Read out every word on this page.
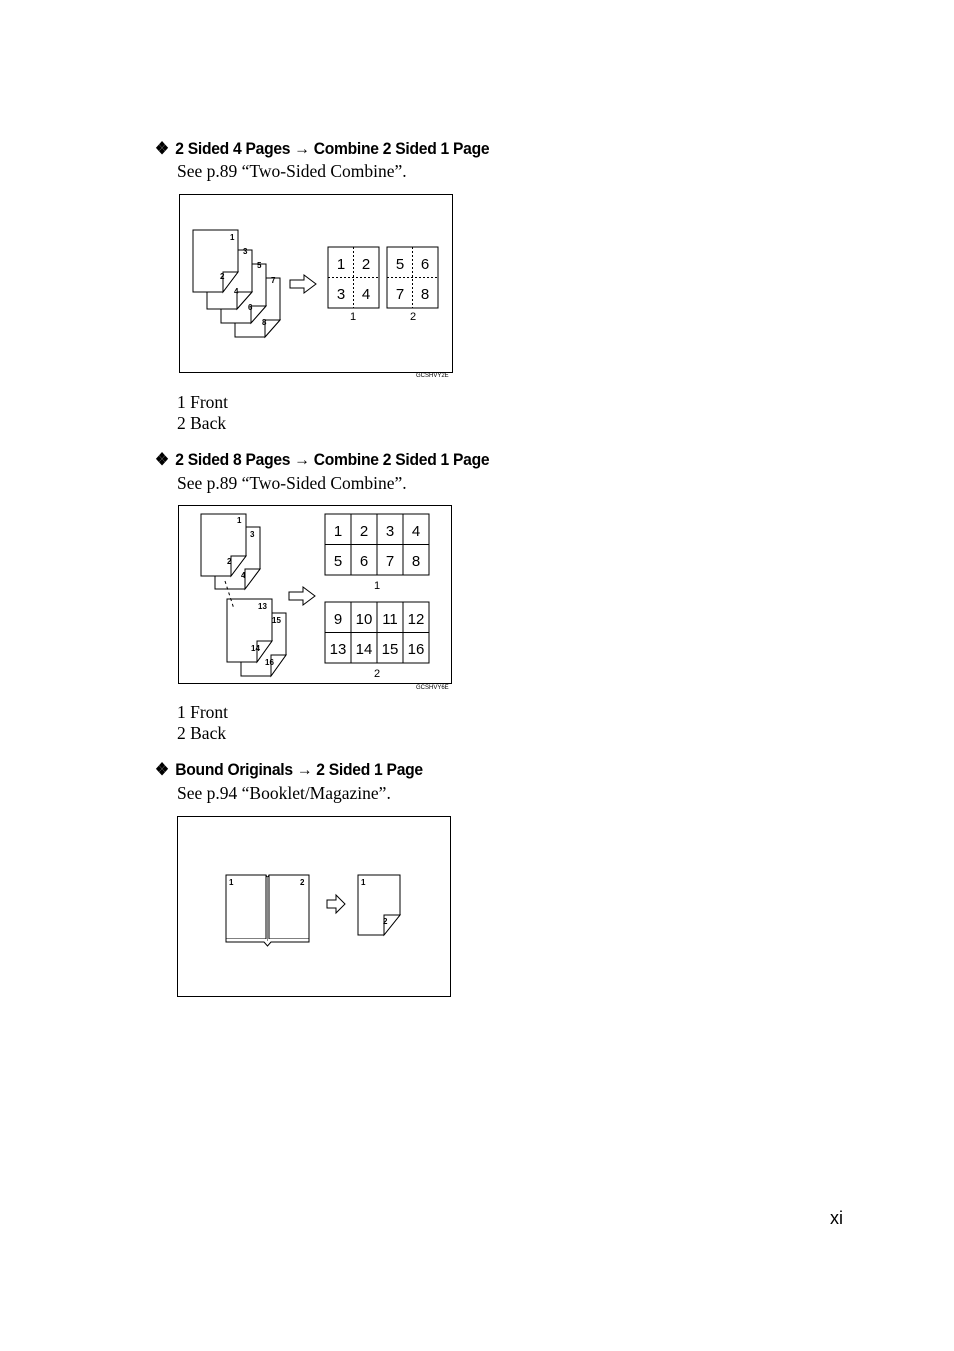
❖ 2 Sided 4 Pages → Combine 2 Sided 1 Page
See p.89 “Two-Sided Combine”.
1
2
3
4
5
6
7
8
1 2
3 4
5 6
7 8
1	2
GCSHVY2E
1 Front
2 Back
❖ 2 Sided 8 Pages → Combine 2 Sided 1 Page
See p.89 “Two-Sided Combine”.
1
2
3
4
13
14
15
16
1 2 3 4
5 6 7 8
9 10 11 12
13 14 15 16
1
2
GCSHVY6E
1 Front
2 Back
❖ Bound Originals → 2 Sided 1 Page
See p.94 “Booklet/Magazine”.
1	2	1
2
xi
